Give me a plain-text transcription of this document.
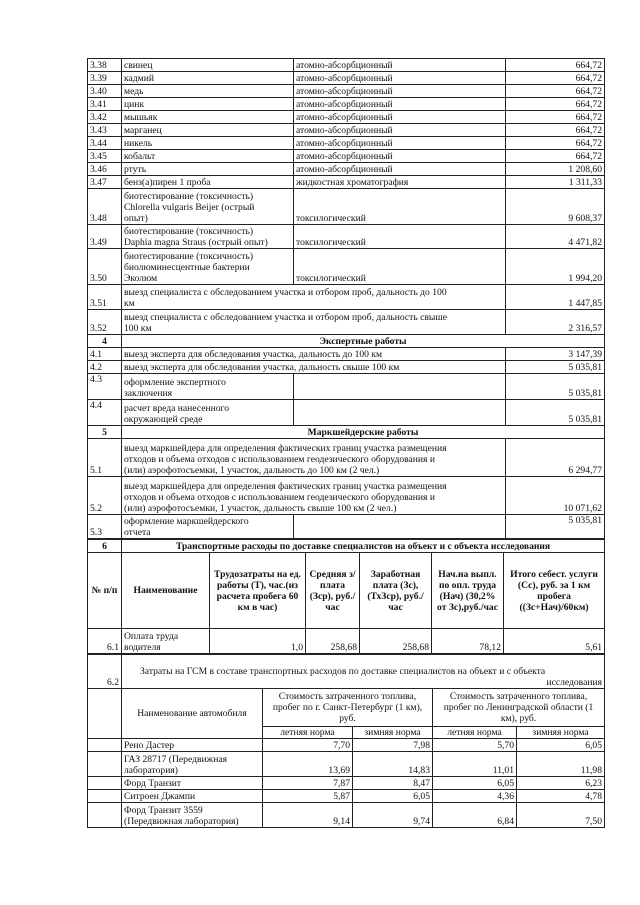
3.38	свинец	атомно-абсорбционный	664,72
3.39	кадмий	атомно-абсорбционный	664,72
3.40	медь	атомно-абсорбционный	664,72
3.41	цинк	атомно-абсорбционный	664,72
3.42	мышьяк	атомно-абсорбционный	664,72
3.43	марганец	атомно-абсорбционный	664,72
3.44	никель	атомно-абсорбционный	664,72
3.45	кобальт	атомно-абсорбционный	664,72
3.46	ртуть	атомно-абсорбционный	1 208,60
3.47	бенз(а)пирен 1 проба	жидкостная хроматография	1 311,33
3.48	биотестирование (токсичность)
Chlorella vulgaris Beijer (острый
опыт)	токсилогический	9 608,37
3.49	биотестирование (токсичность)
Daphia magna Straus (острый опыт)	токсилогический	4 471,82
3.50	биотестирование (токсичность)
биолюминесцентные бактерии
Эколюм	токсилогический	1 994,20
3.51	выезд специалиста с обследованием участка и отбором проб, дальность до 100
км		1 447,85
3.52	выезд специалиста с обследованием участка и отбором проб, дальность свыше
100 км		2 316,57
4	Экспертные работы		
4.1	выезд эксперта для обследования участка, дальность до 100 км		3 147,39
4.2	выезд эксперта для обследования участка, дальность свыше 100 км		5 035,81
4.3	оформление экспертного
заключения		5 035,81
4.4	расчет вреда нанесенного
окружающей среде		5 035,81
5	Маркшейдерские работы		
5.1	выезд маркшейдера для определения фактических границ участка размещения
отходов и объема отходов с использованием геодезического оборудования и
(или) аэрофотосъемки, 1 участок, дальность до 100 км (2 чел.)		6 294,77
5.2	выезд маркшейдера для определения фактических границ участка размещения
отходов и объема отходов с использованием геодезического оборудования и
(или) аэрофотосъемки, 1 участок, дальность свыше 100 км (2 чел.)		10 071,62
5.3	оформление маркшейдерского
отчета		5 035,81
6	Транспортные расходы по доставке специалистов на объект и с объекта исследования					
№ п/п	Наименование	Трудозатраты на ед. работы (Т), час.(из расчета пробега 60 км в час)	Средняя з/плата (Зср), руб./час	Заработная плата (Зс), (ТхЗср), руб./час	Нач.на выпл. по опл. труда (Нач) (30,2% от Зс),руб./час	Итого себест. услуги (Сс), руб. за 1 км пробега ((Зс+Нач)/60км)
6.1	Оплата труда
водителя	1,0	258,68	258,68	78,12	5,61
6.2	Затраты на ГСМ в составе транспортных расходов по доставке специалистов на объект и с объекта
исследования				

	Наименование автомобиля	Стоимость затраченного топлива, пробег по г. Санкт-Петербург (1 км), руб.		Стоимость затраченного топлива, пробег по Ленинградской области (1 км), руб.	
		летняя норма	зимняя норма	летняя норма	зимняя норма

	Рено Дастер	7,70	7,98	5,70	6,05

	ГАЗ 28717 (Передвижная
лаборатория)	13,69	14,83	11,01	11,98

	Форд Транзит	7,87	8,47	6,05	6,23

	Ситроен Джампи	5,87	6,05	4,36	4,78

	Форд Транзит 3559
(Передвижная лаборатория)	9,14	9,74	6,84	7,50
